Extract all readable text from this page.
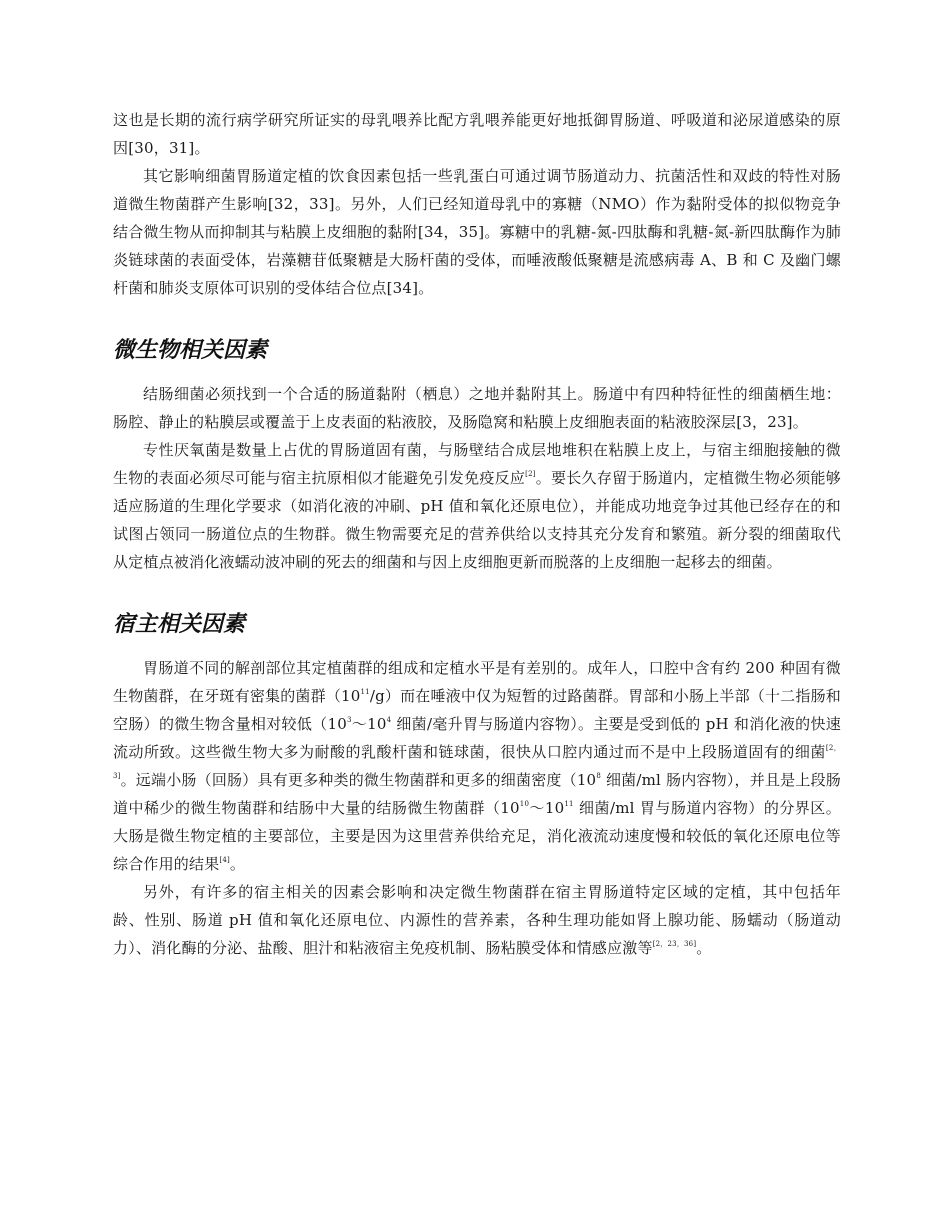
这也是长期的流行病学研究所证实的母乳喂养比配方乳喂养能更好地抵御胃肠道、呼吸道和泌尿道感染的原因[30，31]。

其它影响细菌胃肠道定植的饮食因素包括一些乳蛋白可通过调节肠道动力、抗菌活性和双歧的特性对肠道微生物菌群产生影响[32，33]。另外，人们已经知道母乳中的寡糖（NMO）作为黏附受体的拟似物竞争结合微生物从而抑制其与粘膜上皮细胞的黏附[34，35]。寡糖中的乳糖-氮-四肽酶和乳糖-氮-新四肽酶作为肺炎链球菌的表面受体，岩藻糖苷低聚糖是大肠杆菌的受体，而唾液酸低聚糖是流感病毒 A、B 和 C 及幽门螺杆菌和肺炎支原体可识别的受体结合位点[34]。

微生物相关因素

结肠细菌必须找到一个合适的肠道黏附（栖息）之地并黏附其上。肠道中有四种特征性的细菌栖生地：肠腔、静止的粘膜层或覆盖于上皮表面的粘液胶，及肠隐窝和粘膜上皮细胞表面的粘液胶深层[3，23]。

专性厌氧菌是数量上占优的胃肠道固有菌，与肠壁结合成层地堆积在粘膜上皮上，与宿主细胞接触的微生物的表面必须尽可能与宿主抗原相似才能避免引发免疫反应[2]。要长久存留于肠道内，定植微生物必须能够适应肠道的生理化学要求（如消化液的冲刷、pH 值和氧化还原电位），并能成功地竞争过其他已经存在的和试图占领同一肠道位点的生物群。微生物需要充足的营养供给以支持其充分发育和繁殖。新分裂的细菌取代从定植点被消化液蠕动波冲刷的死去的细菌和与因上皮细胞更新而脱落的上皮细胞一起移去的细菌。

宿主相关因素

胃肠道不同的解剖部位其定植菌群的组成和定植水平是有差别的。成年人，口腔中含有约 200 种固有微生物菌群，在牙斑有密集的菌群$(10^{11}/g)$而在唾液中仅为短暂的过路菌群。胃部和小肠上半部（十二指肠和空肠）的微生物含量相对较低（$10^3\sim 10^4$ 细菌/毫升胃与肠道内容物）。主要是受到低的 pH 和消化液的快速流动所致。这些微生物大多为耐酸的乳酸杆菌和链球菌，很快从口腔内通过而不是中上段肠道固有的细菌[2，3]。远端小肠（回肠）具有更多种类的微生物菌群和更多的细菌密度（$10^8$ 细菌/ml 肠内容物），并且是上段肠道中稀少的微生物菌群和结肠中大量的结肠微生物菌群（$10^{10}\sim 10^{11}$ 细菌/ml 胃与肠道内容物）的分界区。大肠是微生物定植的主要部位，主要是因为这里营养供给充足，消化液流动速度慢和较低的氧化还原电位等综合作用的结果[4]。

另外，有许多的宿主相关的因素会影响和决定微生物菌群在宿主胃肠道特定区域的定植，其中包括年龄、性别、肠道 pH 值和氧化还原电位、内源性的营养素，各种生理功能如肾上腺功能、肠蠕动（肠道动力）、消化酶的分泌、盐酸、胆汁和粘液宿主免疫机制、肠粘膜受体和情感应激等[2，23，36]。
